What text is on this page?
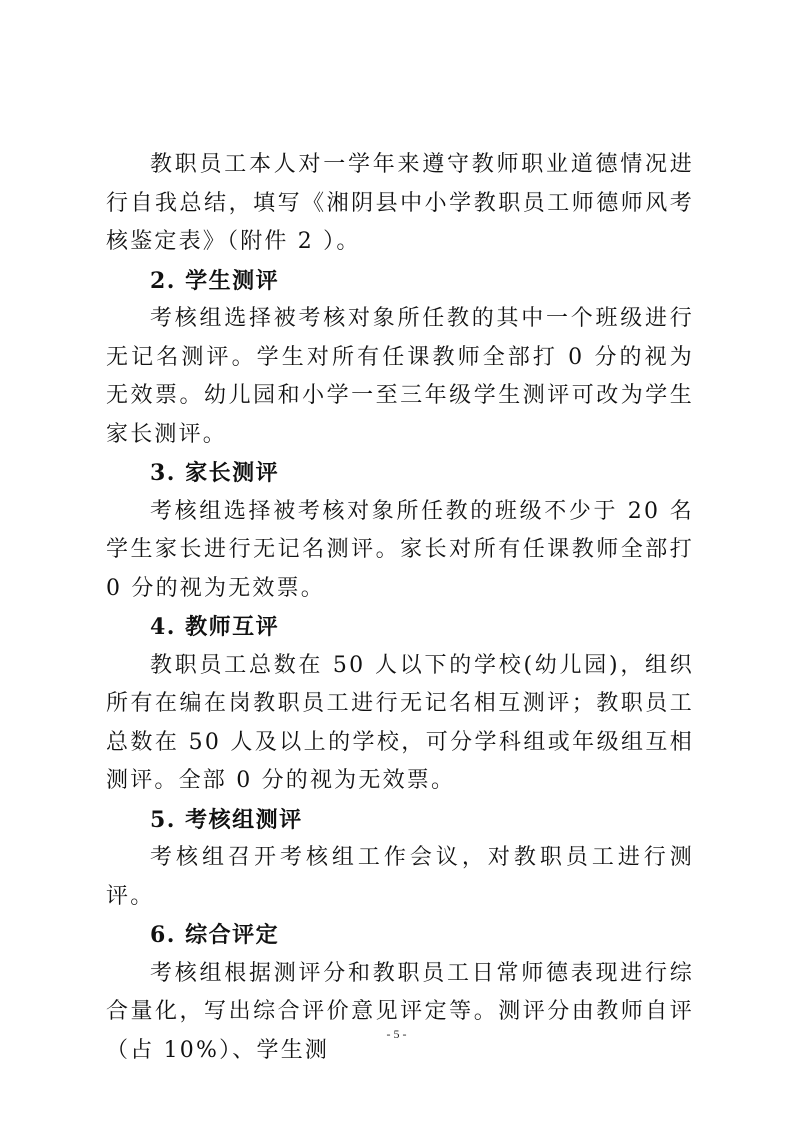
教职员工本人对一学年来遵守教师职业道德情况进行自我总结，填写《湘阴县中小学教职员工师德师风考核鉴定表》（附件 2 ）。

2. 学生测评

考核组选择被考核对象所任教的其中一个班级进行无记名测评。学生对所有任课教师全部打 0 分的视为无效票。幼儿园和小学一至三年级学生测评可改为学生家长测评。

3. 家长测评

考核组选择被考核对象所任教的班级不少于 20 名学生家长进行无记名测评。家长对所有任课教师全部打 0 分的视为无效票。

4. 教师互评

教职员工总数在 50 人以下的学校(幼儿园)，组织所有在编在岗教职员工进行无记名相互测评；教职员工总数在 50 人及以上的学校，可分学科组或年级组互相测评。全部 0 分的视为无效票。

5. 考核组测评

考核组召开考核组工作会议，对教职员工进行测评。

6. 综合评定

考核组根据测评分和教职员工日常师德表现进行综合量化，写出综合评价意见评定等。测评分由教师自评（占 10%）、学生测

- 5 -
